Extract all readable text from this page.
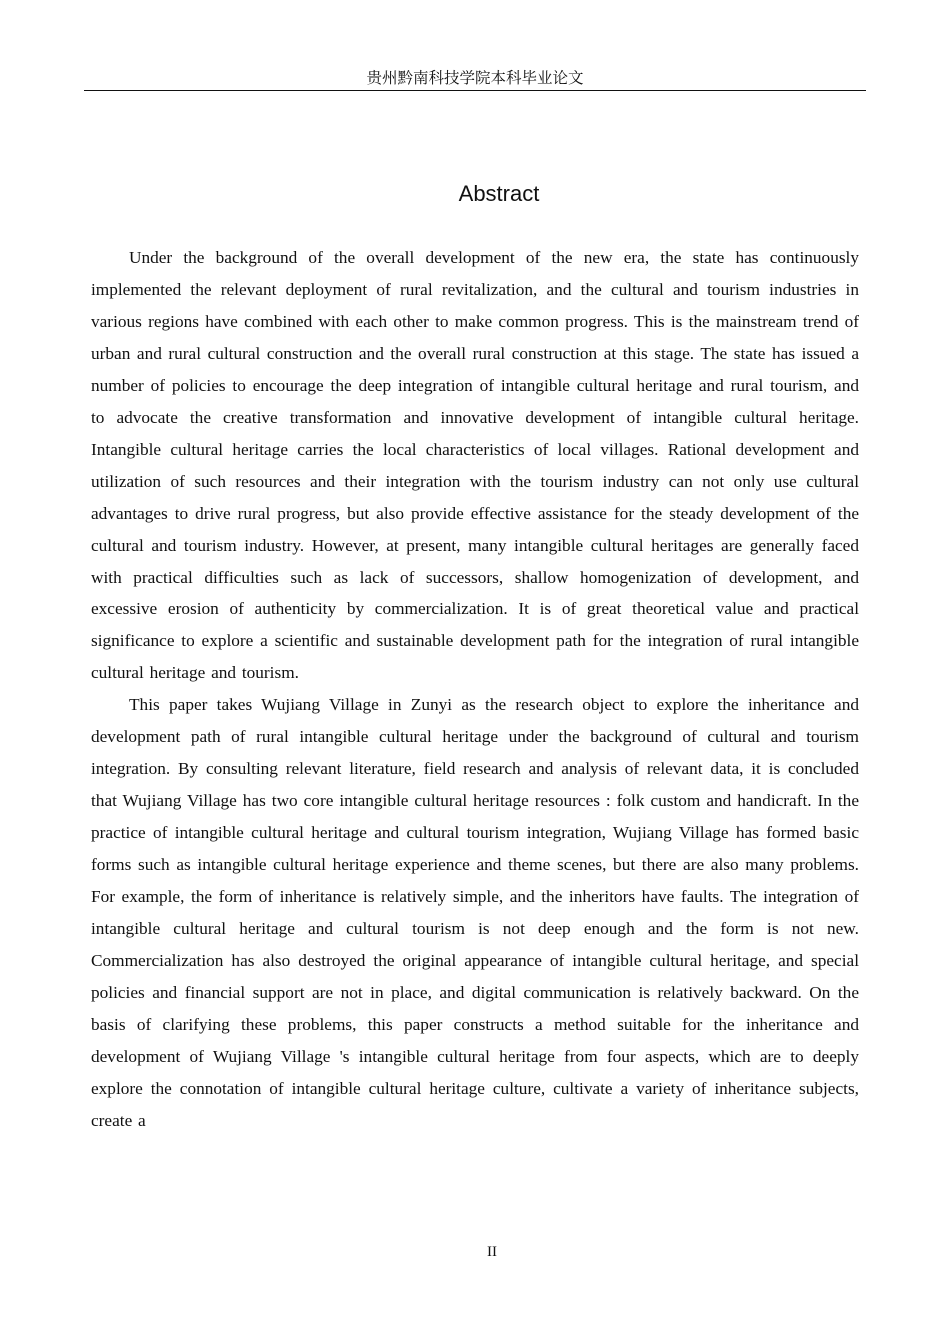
贵州黔南科技学院本科毕业论文
Abstract

Under the background of the overall development of the new era, the state has continuously implemented the relevant deployment of rural revitalization, and the cultural and tourism industries in various regions have combined with each other to make common progress. This is the mainstream trend of urban and rural cultural construction and the overall rural construction at this stage. The state has issued a number of policies to encourage the deep integration of intangible cultural heritage and rural tourism, and to advocate the creative transformation and innovative development of intangible cultural heritage. Intangible cultural heritage carries the local characteristics of local villages. Rational development and utilization of such resources and their integration with the tourism industry can not only use cultural advantages to drive rural progress, but also provide effective assistance for the steady development of the cultural and tourism industry. However, at present, many intangible cultural heritages are generally faced with practical difficulties such as lack of successors, shallow homogenization of development, and excessive erosion of authenticity by commercialization. It is of great theoretical value and practical significance to explore a scientific and sustainable development path for the integration of rural intangible cultural heritage and tourism.

This paper takes Wujiang Village in Zunyi as the research object to explore the inheritance and development path of rural intangible cultural heritage under the background of cultural and tourism integration. By consulting relevant literature, field research and analysis of relevant data, it is concluded that Wujiang Village has two core intangible cultural heritage resources : folk custom and handicraft. In the practice of intangible cultural heritage and cultural tourism integration, Wujiang Village has formed basic forms such as intangible cultural heritage experience and theme scenes, but there are also many problems. For example, the form of inheritance is relatively simple, and the inheritors have faults. The integration of intangible cultural heritage and cultural tourism is not deep enough and the form is not new. Commercialization has also destroyed the original appearance of intangible cultural heritage, and special policies and financial support are not in place, and digital communication is relatively backward. On the basis of clarifying these problems, this paper constructs a method suitable for the inheritance and development of Wujiang Village 's intangible cultural heritage from four aspects, which are to deeply explore the connotation of intangible cultural heritage culture, cultivate a variety of inheritance subjects, create a

II
